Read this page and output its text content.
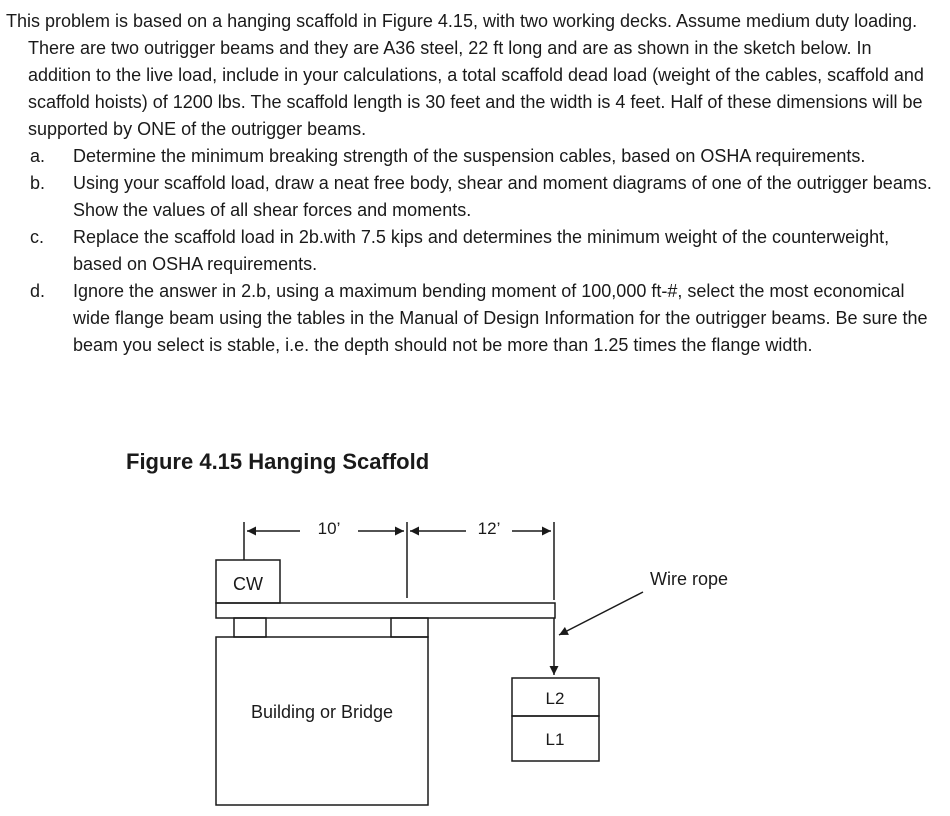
This problem is based on a hanging scaffold in Figure 4.15, with two working decks. Assume medium duty loading. There are two outrigger beams and they are A36 steel, 22 ft long and are as shown in the sketch below. In addition to the live load, include in your calculations, a total scaffold dead load (weight of the cables, scaffold and scaffold hoists) of 1200 lbs. The scaffold length is 30 feet and the width is 4 feet. Half of these dimensions will be supported by ONE of the outrigger beams.

a. Determine the minimum breaking strength of the suspension cables, based on OSHA requirements.
b. Using your scaffold load, draw a neat free body, shear and moment diagrams of one of the outrigger beams. Show the values of all shear forces and moments.
c. Replace the scaffold load in 2b.with 7.5 kips and determines the minimum weight of the counterweight, based on OSHA requirements.
d. Ignore the answer in 2.b, using a maximum bending moment of 100,000 ft-#, select the most economical wide flange beam using the tables in the Manual of Design Information for the outrigger beams. Be sure the beam you select is stable, i.e. the depth should not be more than 1.25 times the flange width.
Figure 4.15 Hanging Scaffold
10’	12’
CW
Building or Bridge
Wire rope
L2
L1
